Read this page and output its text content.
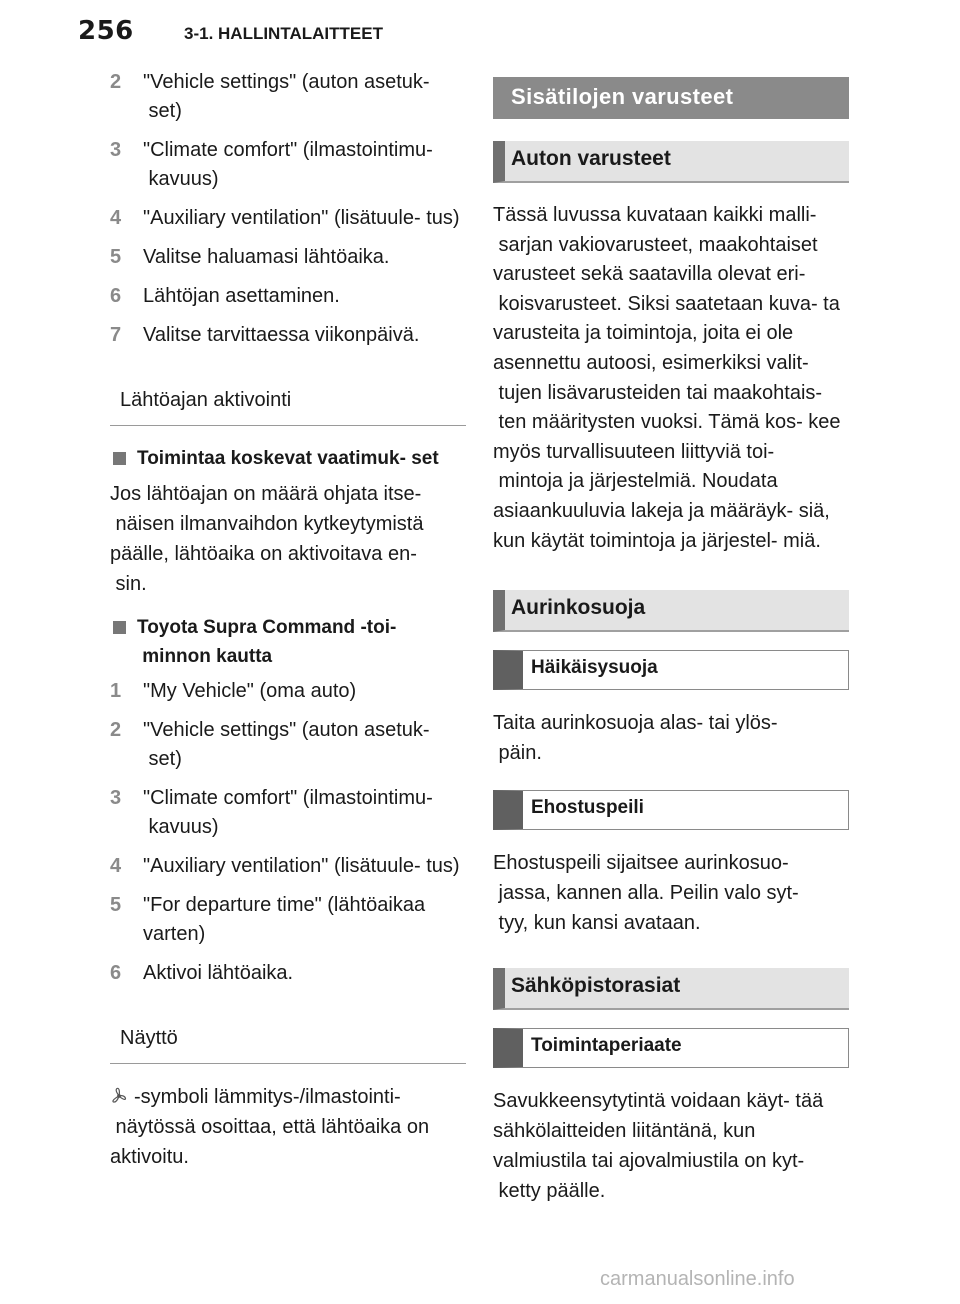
256	3-1. HALLINTALAITTEET
2 "Vehicle settings" (auton asetuk- set)
3 "Climate comfort" (ilmastointimu- kavuus)
4 "Auxiliary ventilation" (lisätuule- tus)
5 Valitse haluamasi lähtöaika.
6 Lähtöjan asettaminen.
7 Valitse tarvittaessa viikonpäivä.
Lähtöajan aktivointi
Toimintaa koskevat vaatimuk- set
Jos lähtöajan on määrä ohjata itse- näisen ilmanvaihdon kytkeytymistä päälle, lähtöaika on aktivoitava en- sin.
Toyota Supra Command -toi- minnon kautta
1 "My Vehicle" (oma auto)
2 "Vehicle settings" (auton asetuk- set)
3 "Climate comfort" (ilmastointimu- kavuus)
4 "Auxiliary ventilation" (lisätuule- tus)
5 "For departure time" (lähtöaikaa varten)
6 Aktivoi lähtöaika.
Näyttö
-symboli lämmitys-/ilmastointi- näytössä osoittaa, että lähtöaika on aktivoitu.
Sisätilojen varusteet
Auton varusteet
Tässä luvussa kuvataan kaikki malli- sarjan vakiovarusteet, maakohtaiset varusteet sekä saatavilla olevat eri- koisvarusteet. Siksi saatetaan kuva- ta varusteita ja toimintoja, joita ei ole asennettu autoosi, esimerkiksi valit- tujen lisävarusteiden tai maakohtais- ten määritysten vuoksi. Tämä kos- kee myös turvallisuuteen liittyviä toi- mintoja ja järjestelmiä. Noudata asiaankuuluvia lakeja ja määräyk- siä, kun käytät toimintoja ja järjestel- miä.
Aurinkosuoja
Häikäisysuoja
Taita aurinkosuoja alas- tai ylös- päin.
Ehostuspeili
Ehostuspeili sijaitsee aurinkosuo- jassa, kannen alla. Peilin valo syt- tyy, kun kansi avataan.
Sähköpistorasiat
Toimintaperiaate
Savukkeensytytintä voidaan käyt- tää sähkölaitteiden liitäntänä, kun valmiustila tai ajovalmiustila on kyt- ketty päälle.
carmanualsonline.info
